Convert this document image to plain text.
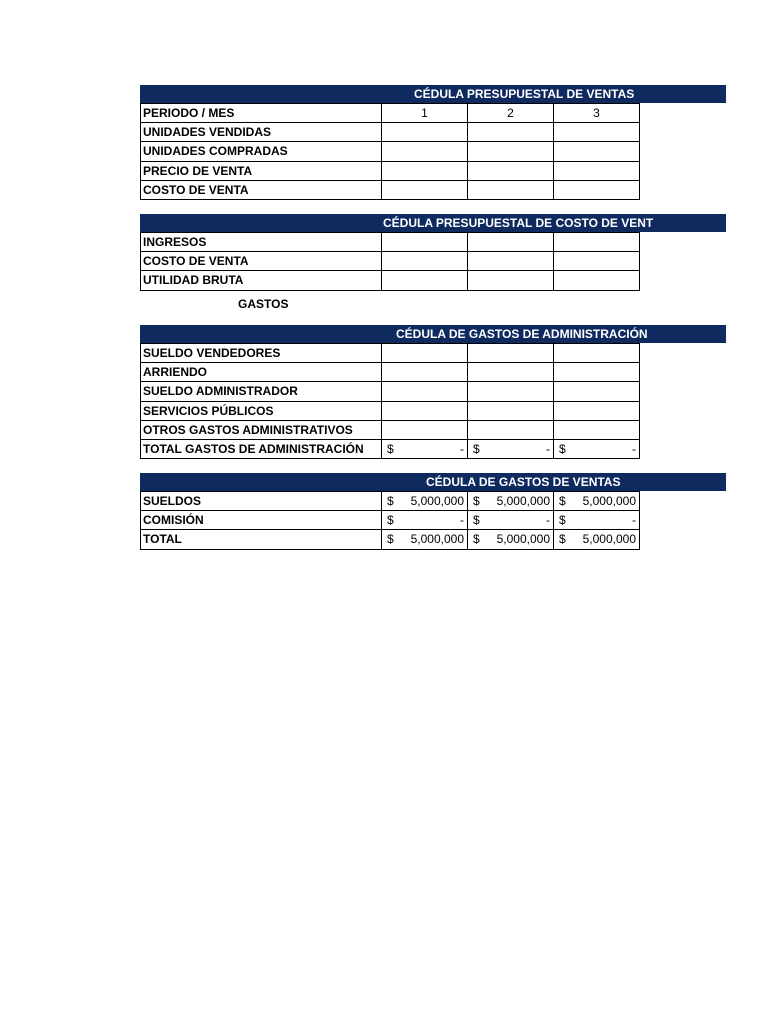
CÉDULA PRESUPUESTAL DE VENTAS
PERIODO / MES	1	2	3
UNIDADES VENDIDAS
UNIDADES COMPRADAS
PRECIO DE VENTA
COSTO DE VENTA
CÉDULA PRESUPUESTAL DE COSTO DE VENT
INGRESOS
COSTO DE VENTA
UTILIDAD BRUTA
GASTOS
CÉDULA DE GASTOS DE ADMINISTRACIÓN
SUELDO VENDEDORES
ARRIENDO
SUELDO ADMINISTRADOR
SERVICIOS PÚBLICOS
OTROS GASTOS ADMINISTRATIVOS
TOTAL GASTOS DE ADMINISTRACIÓN	$	- $	- $	-
CÉDULA DE GASTOS DE VENTAS
SUELDOS	$ 5,000,000 $ 5,000,000 $ 5,000,000
COMISIÓN	$	- $	- $	-
TOTAL	$ 5,000,000 $ 5,000,000 $ 5,000,000
